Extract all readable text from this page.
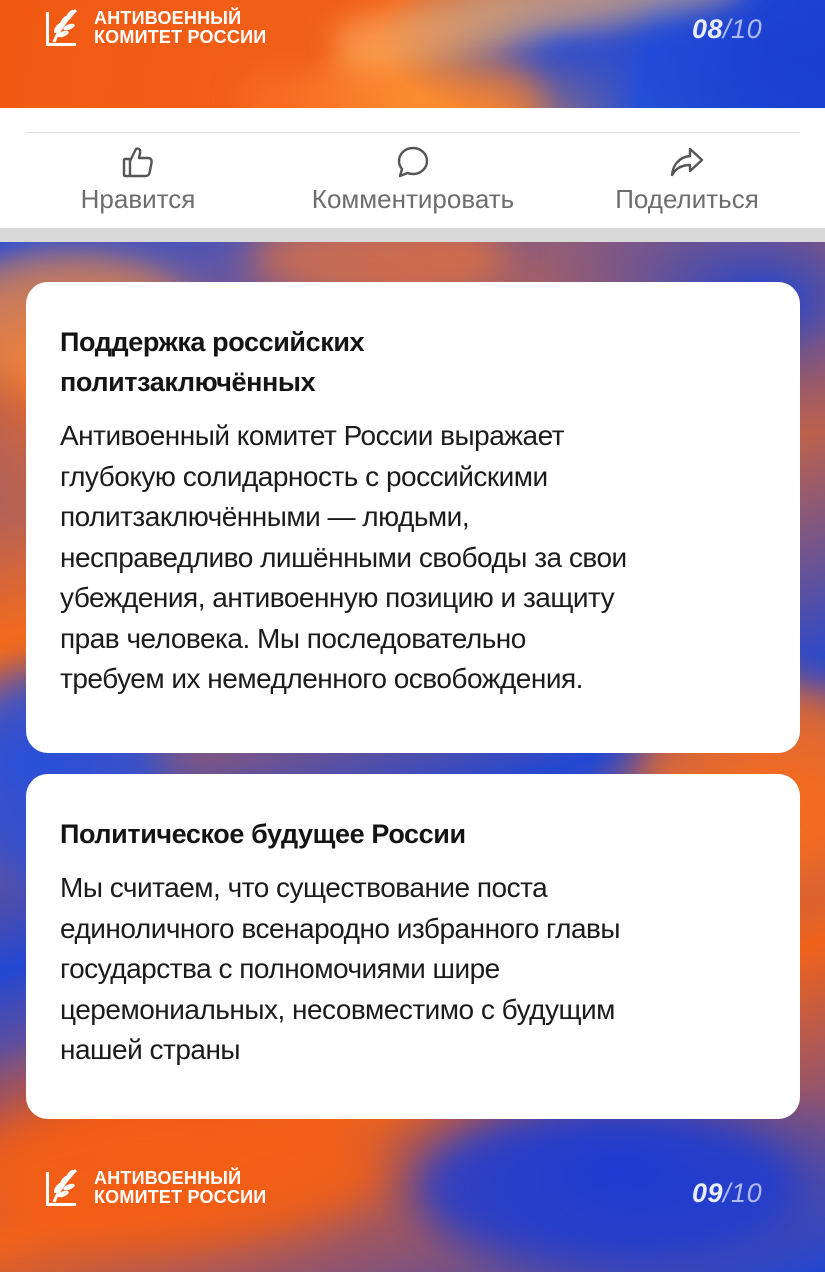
АНТИВОЕННЫЙ
КОМИТЕТ РОССИИ	08/10
Нравится	Комментировать	Поделиться
Поддержка российских
политзаключённых

Антивоенный комитет России выражает
глубокую солидарность с российскими
политзаключёнными — людьми,
несправедливо лишёнными свободы за свои
убеждения, антивоенную позицию и защиту
прав человека. Мы последовательно
требуем их немедленного освобождения.

Политическое будущее России

Мы считаем, что существование поста
единоличного всенародно избранного главы
государства с полномочиями шире
церемониальных, несовместимо с будущим
нашей страны

АНТИВОЕННЫЙ
КОМИТЕТ РОССИИ	09/10
